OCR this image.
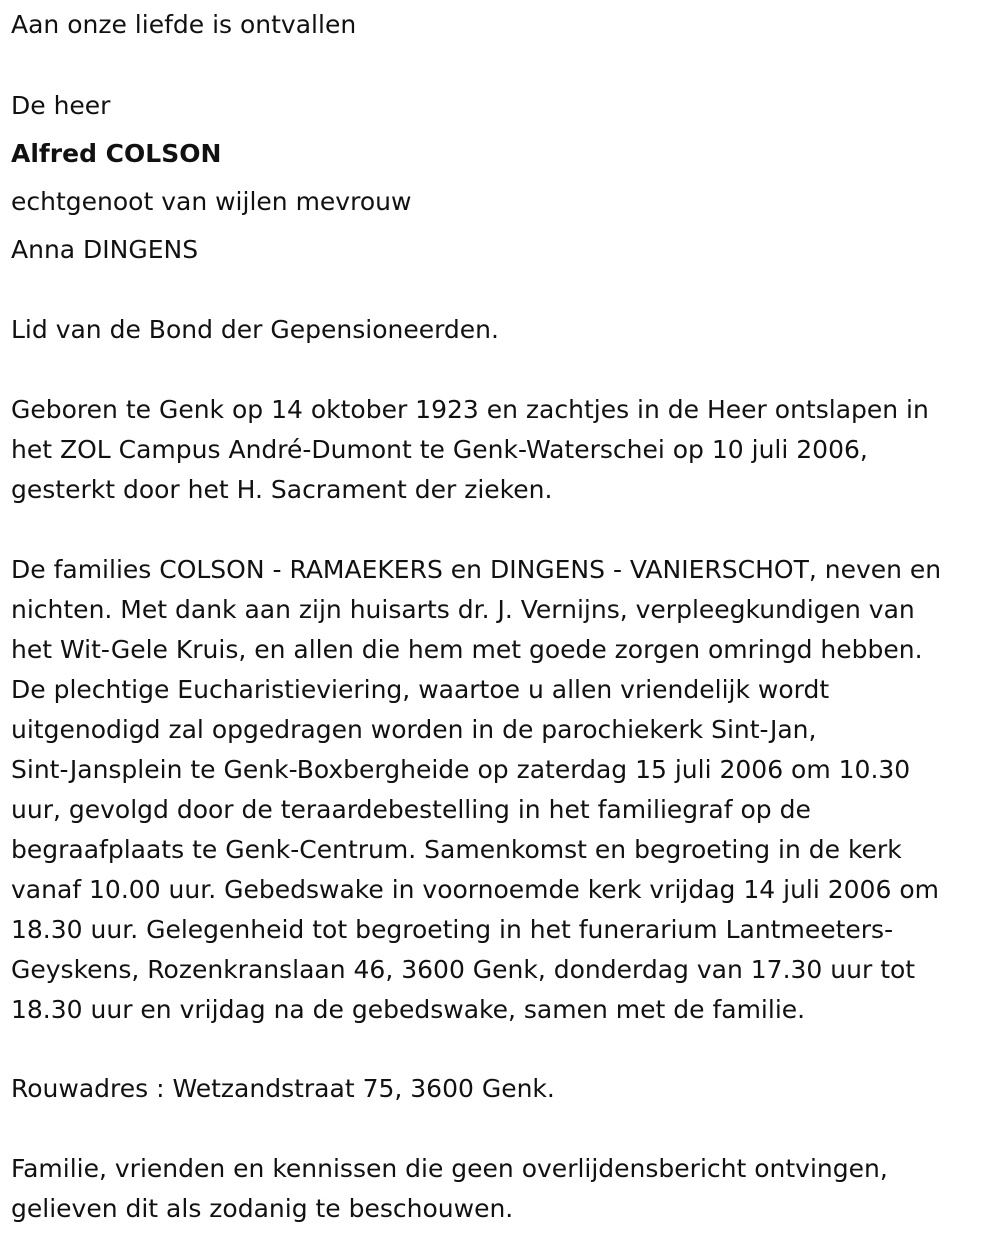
Aan onze liefde is ontvallen
De heer
Alfred COLSON
echtgenoot van wijlen mevrouw
Anna DINGENS
Lid van de Bond der Gepensioneerden.
Geboren te Genk op 14 oktober 1923 en zachtjes in de Heer ontslapen in
het ZOL Campus André-Dumont te Genk-Waterschei op 10 juli 2006,
gesterkt door het H. Sacrament der zieken.
De families COLSON - RAMAEKERS en DINGENS - VANIERSCHOT, neven en
nichten. Met dank aan zijn huisarts dr. J. Vernijns, verpleegkundigen van
het Wit-Gele Kruis, en allen die hem met goede zorgen omringd hebben.
De plechtige Eucharistieviering, waartoe u allen vriendelijk wordt
uitgenodigd zal opgedragen worden in de parochiekerk Sint-Jan,
Sint-Jansplein te Genk-Boxbergheide op zaterdag 15 juli 2006 om 10.30
uur, gevolgd door de teraardebestelling in het familiegraf op de
begraafplaats te Genk-Centrum. Samenkomst en begroeting in de kerk
vanaf 10.00 uur. Gebedswake in voornoemde kerk vrijdag 14 juli 2006 om
18.30 uur. Gelegenheid tot begroeting in het funerarium Lantmeeters-
Geyskens, Rozenkranslaan 46, 3600 Genk, donderdag van 17.30 uur tot
18.30 uur en vrijdag na de gebedswake, samen met de familie.
Rouwadres : Wetzandstraat 75, 3600 Genk.
Familie, vrienden en kennissen die geen overlijdensbericht ontvingen,
gelieven dit als zodanig te beschouwen.
